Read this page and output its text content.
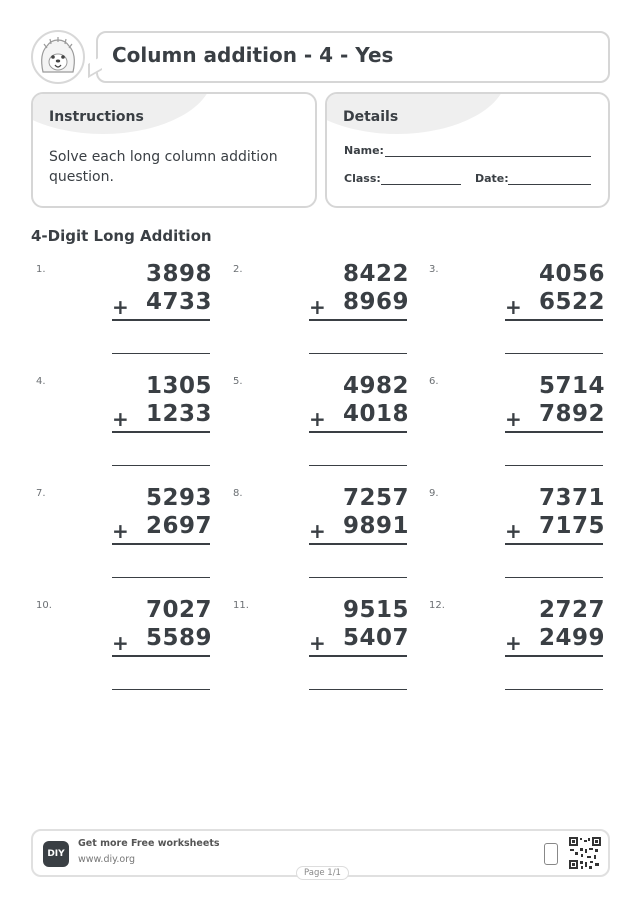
Column addition - 4 - Yes
Instructions
Solve each long column addition question.
Details
Name:
Class:	Date:
4-Digit Long Addition
1.	3898
+ 4733
2.	8422
+ 8969
3.	4056
+ 6522
4.	1305
+ 1233
5.	4982
+ 4018
6.	5714
+ 7892
7.	5293
+ 2697
8.	7257
+ 9891
9.	7371
+ 7175
10.	7027
+ 5589
11.	9515
+ 5407
12.	2727
+ 2499
DIY
Get more Free worksheets
www.diy.org
Page 1/1
